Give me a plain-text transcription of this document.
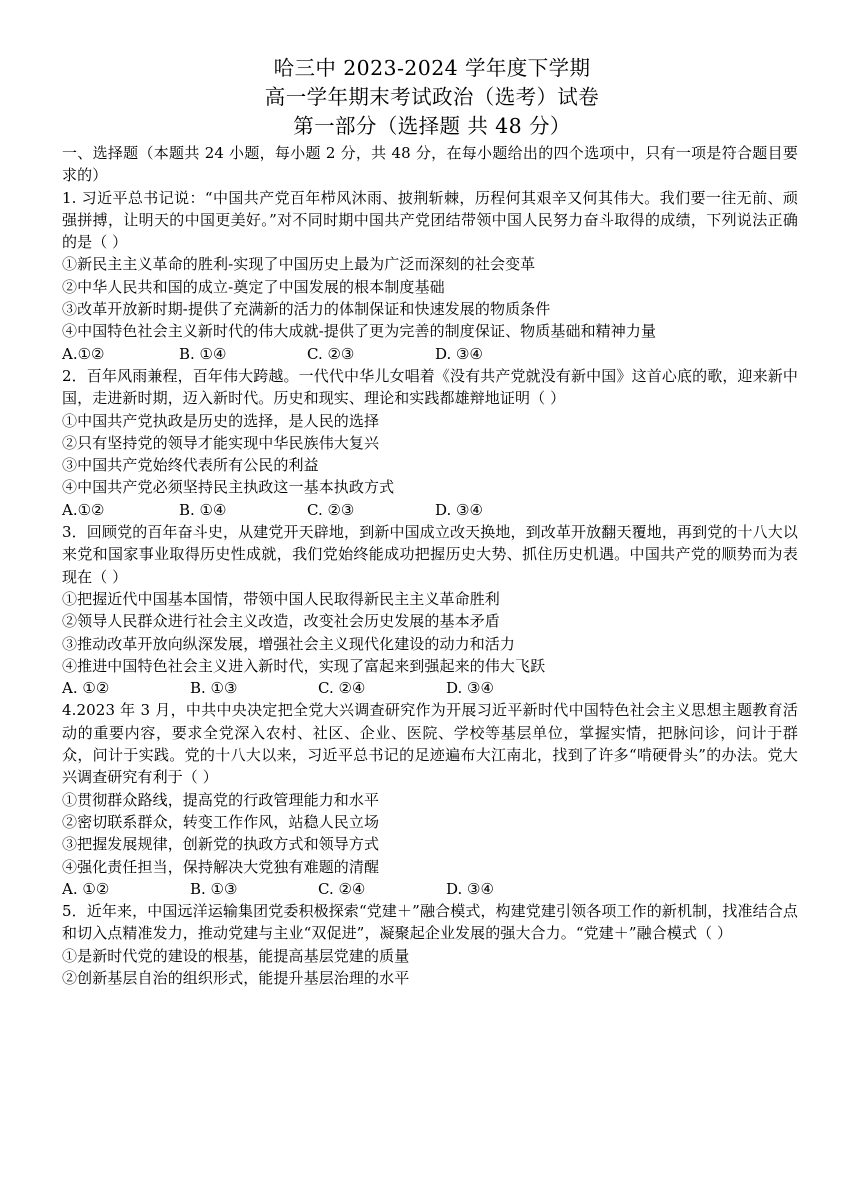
哈三中 2023-2024 学年度下学期
高一学年期末考试政治（选考）试卷
第一部分（选择题 共 48 分）
一、选择题（本题共 24 小题，每小题 2 分，共 48 分，在每小题给出的四个选项中，只有一项是符合题目要求的）
1. 习近平总书记说：“中国共产党百年栉风沐雨、披荆斩棘，历程何其艰辛又何其伟大。我们要一往无前、顽强拼搏，让明天的中国更美好。”对不同时期中国共产党团结带领中国人民努力奋斗取得的成绩，下列说法正确的是（ ）
①新民主主义革命的胜利-实现了中国历史上最为广泛而深刻的社会变革
②中华人民共和国的成立-奠定了中国发展的根本制度基础
③改革开放新时期-提供了充满新的活力的体制保证和快速发展的物质条件
④中国特色社会主义新时代的伟大成就-提供了更为完善的制度保证、物质基础和精神力量
A.①②	B. ①④	C. ②③	D. ③④
2．百年风雨兼程，百年伟大跨越。一代代中华儿女唱着《没有共产党就没有新中国》这首心底的歌，迎来新中国，走进新时期，迈入新时代。历史和现实、理论和实践都雄辩地证明（ ）
①中国共产党执政是历史的选择，是人民的选择
②只有坚持党的领导才能实现中华民族伟大复兴
③中国共产党始终代表所有公民的利益
④中国共产党必须坚持民主执政这一基本执政方式
A.①②	B. ①④	C. ②③	D. ③④
3．回顾党的百年奋斗史，从建党开天辟地，到新中国成立改天换地，到改革开放翻天覆地，再到党的十八大以来党和国家事业取得历史性成就，我们党始终能成功把握历史大势、抓住历史机遇。中国共产党的顺势而为表现在（ ）
①把握近代中国基本国情，带领中国人民取得新民主主义革命胜利
②领导人民群众进行社会主义改造，改变社会历史发展的基本矛盾
③推动改革开放向纵深发展，增强社会主义现代化建设的动力和活力
④推进中国特色社会主义进入新时代，实现了富起来到强起来的伟大飞跃
A. ①②	B. ①③	C. ②④	D. ③④
4.2023 年 3 月，中共中央决定把全党大兴调查研究作为开展习近平新时代中国特色社会主义思想主题教育活动的重要内容，要求全党深入农村、社区、企业、医院、学校等基层单位，掌握实情，把脉问诊，问计于群众，问计于实践。党的十八大以来，习近平总书记的足迹遍布大江南北，找到了许多“啃硬骨头”的办法。党大兴调查研究有利于（ ）
①贯彻群众路线，提高党的行政管理能力和水平
②密切联系群众，转变工作作风，站稳人民立场
③把握发展规律，创新党的执政方式和领导方式
④强化责任担当，保持解决大党独有难题的清醒
A. ①②	B. ①③	C. ②④	D. ③④
5．近年来，中国远洋运输集团党委积极探索“党建＋”融合模式，构建党建引领各项工作的新机制，找准结合点和切入点精准发力，推动党建与主业“双促进”，凝聚起企业发展的强大合力。“党建＋”融合模式（ ）
①是新时代党的建设的根基，能提高基层党建的质量
②创新基层自治的组织形式，能提升基层治理的水平
